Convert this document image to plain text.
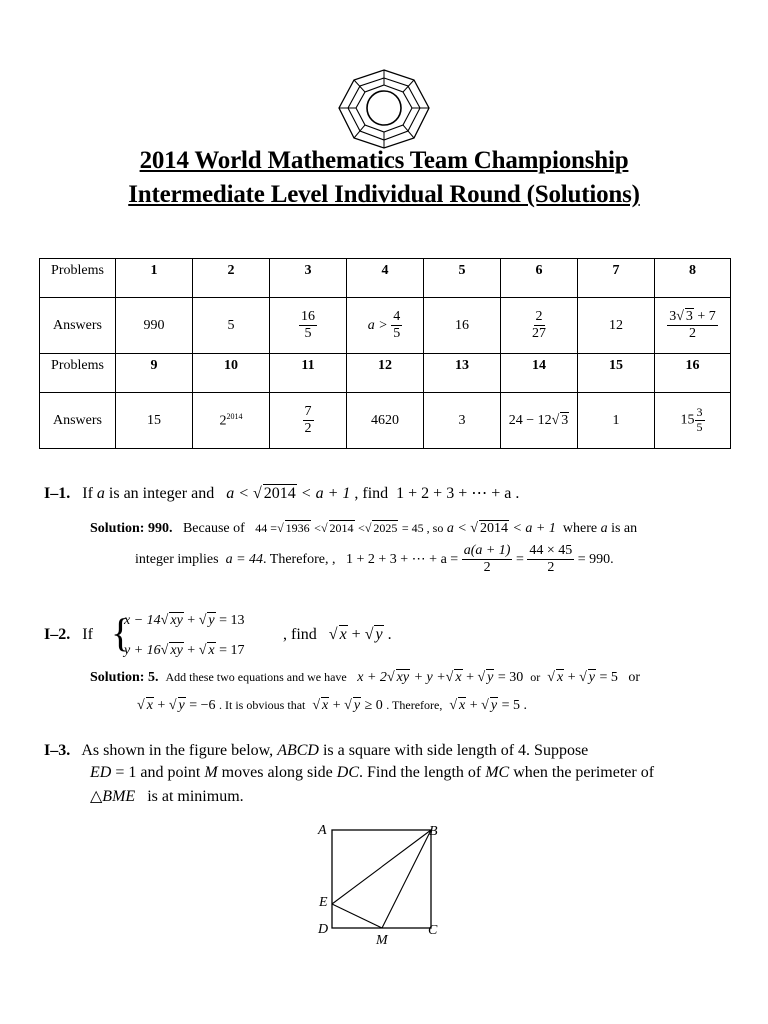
2014 World Mathematics Team Championship
Intermediate Level Individual Round (Solutions)
Problems	1	2	3	4	5	6	7	8
Answers	990	5	$\frac{16}{5}$	$a > \frac{4}{5}$	16	$\frac{2}{27}$	12	$\frac{3√ 3 + 7}{2}$

Problems	9	10	11	12	13	14	15	16
Answers	15	$2^{2014}$	$\frac{7}{2}$	4620	3	24 − 12√ 3	1	$15 \frac{3}{5}$
I–1. If a is an integer and a < √ 2014 < a + 1 , find 1 + 2 + 3 + ⋯ + a .
Solution: 990. Because of 44 =√ 1936 <√ 2014 <√ 2025 = 45 , so a < √ 2014 < a + 1 where a is an
integer implies a = 44. Therefore, , 1 + 2 + 3 + ⋯ + $a = \frac{a(a + 1)}{2} = \frac{44 \times 45}{2} = 990$.
I–2. If {
x − 14√ xy + √ y = 13
y + 16√ xy + √ x = 17
, find   √ x + √ y .
Solution: 5. Add these two equations and we have x + 2√ xy + y +√ x + √ y = 30 or  √ x + √ y = 5 or
√ x + √ y = −6 . It is obvious that  √ x + √ y ≥ 0 . Therefore,  √ x + √ y = 5 .
I–3. As shown in the figure below, ABCD is a square with side length of 4. Suppose
ED = 1 and point M moves along side DC. Find the length of MC when the perimeter of
△BME is at minimum.
A	B
C
D
E
M
